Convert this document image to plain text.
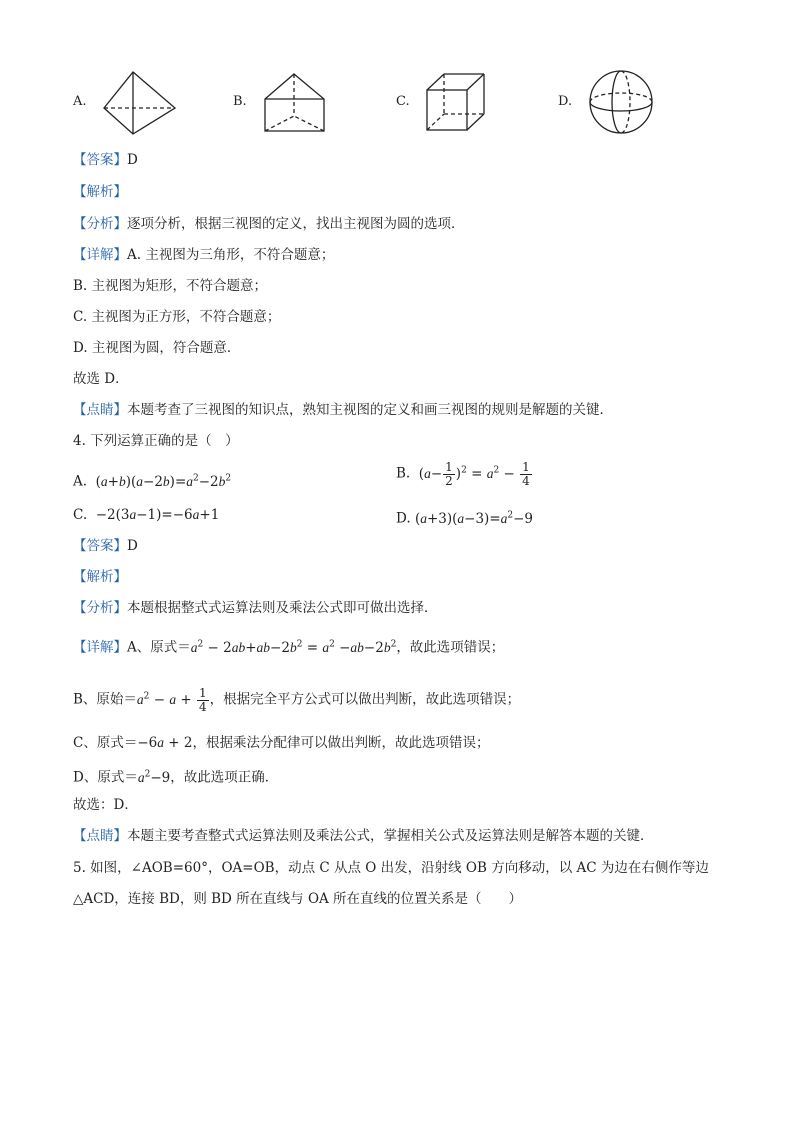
A.	B.	C.	D.
【答案】D
【解析】
【分析】逐项分析，根据三视图的定义，找出主视图为圆的选项．
【详解】A. 主视图为三角形，不符合题意；
B. 主视图为矩形，不符合题意；
C. 主视图为正方形，不符合题意；
D. 主视图为圆，符合题意．
故选 D．
【点睛】本题考查了三视图的知识点，熟知主视图的定义和画三视图的规则是解题的关键．
4. 下列运算正确的是（　）
A.  $(a+b)(a-2b)=a^2-2b^2$	B.  $(a- \frac{1}{2} )^2 = a^2 - \frac{1}{4}$
C.  −2(3a−1)=−6a+1	D. $(a+3)(a-3)=a^2-9$
【答案】D
【解析】
【分析】本题根据整式式运算法则及乘法公式即可做出选择．
【详解】A、原式$=a^2 - 2ab+ab-2b^2 = a^2 -ab-2b^2$，故此选项错误；
B、原始$=a^2 - a + \frac{1}{4}$ ，根据完全平方公式可以做出判断，故此选项错误；
C、原式＝−6a + 2，根据乘法分配律可以做出判断，故此选项错误；
D、原式$=a^2-9$，故此选项正确．
故选：D．
【点睛】本题主要考查整式式运算法则及乘法公式，掌握相关公式及运算法则是解答本题的关键．
5. 如图，∠AOB=60°，OA=OB，动点 C 从点 O 出发，沿射线 OB 方向移动，以 AC 为边在右侧作等边
△ACD，连接 BD，则 BD 所在直线与 OA 所在直线的位置关系是（　　）
